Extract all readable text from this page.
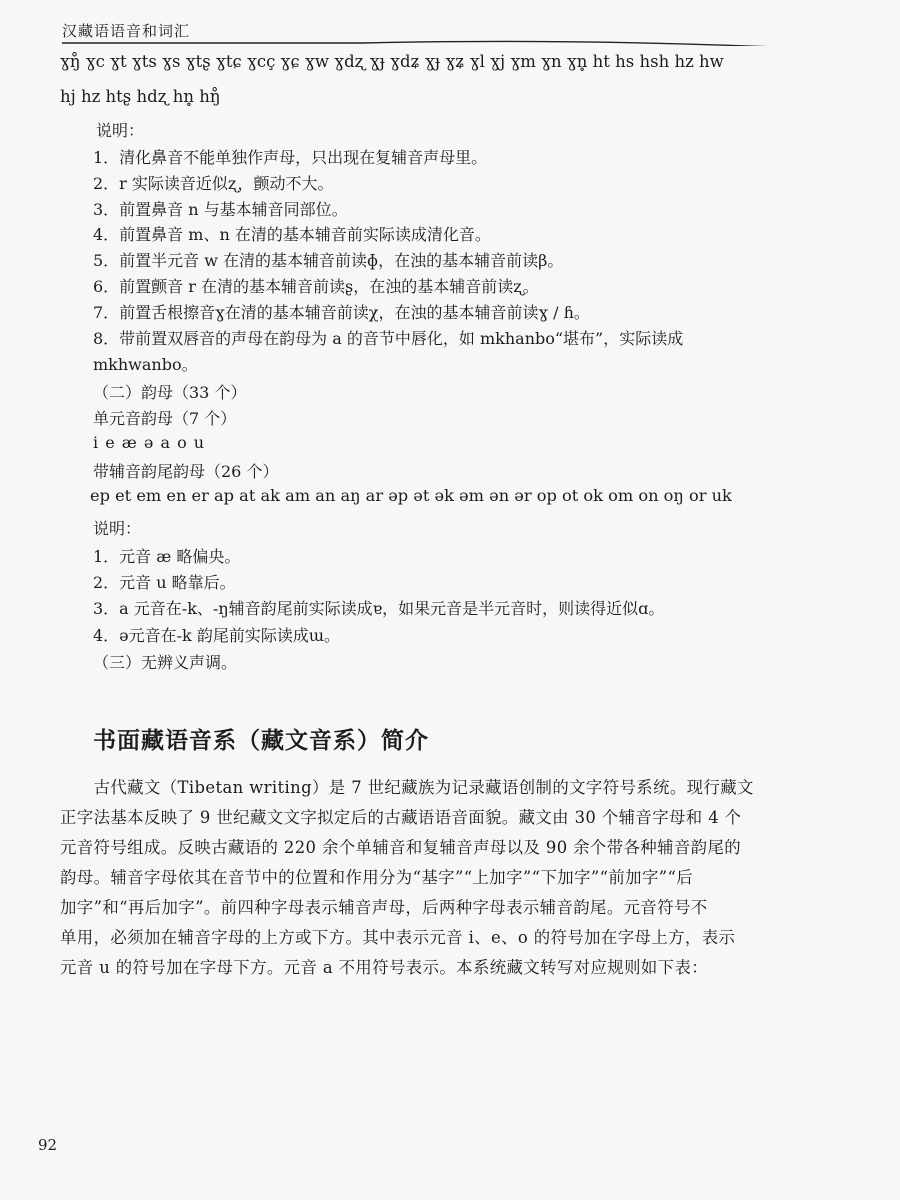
汉藏语语音和词汇
ɣŋ̊ ɣc ɣt ɣts ɣs ɣtʂ ɣtɕ ɣcç ɣɕ ɣw ɣdʐ ɣɟ ɣdʑ ɣɟ ɣʑ ɣl ɣj ɣm ɣn ɣn̥ ht hs hsh hz hw
hj hz htʂ hdʐ hn̥ hŋ̊
说明：
1．清化鼻音不能单独作声母，只出现在复辅音声母里。
2．r 实际读音近似ʐ，颤动不大。
3．前置鼻音 n 与基本辅音同部位。
4．前置鼻音 m、n 在清的基本辅音前实际读成清化音。
5．前置半元音 w 在清的基本辅音前读ɸ，在浊的基本辅音前读β。
6．前置颤音 r 在清的基本辅音前读ʂ，在浊的基本辅音前读ʐ。
7．前置舌根擦音ɣ在清的基本辅音前读χ，在浊的基本辅音前读ɣ / ɦ。
8．带前置双唇音的声母在韵母为 a 的音节中唇化，如 mkhanbo“堪布”，实际读成
mkhwanbo。
（二）韵母（33 个）
单元音韵母（7 个）
i e æ ə a o u
带辅音韵尾韵母（26 个）
ep et em en er ap at ak am an aŋ ar əp ət ək əm ən ər op ot ok om on oŋ or uk
说明：
1．元音 æ 略偏央。
2．元音 u 略靠后。
3．a 元音在-k、-ŋ辅音韵尾前实际读成ɐ，如果元音是半元音时，则读得近似ɑ。
4．ə元音在-k 韵尾前实际读成ɯ。
（三）无辨义声调。
书面藏语音系（藏文音系）简介
　　古代藏文（Tibetan writing）是 7 世纪藏族为记录藏语创制的文字符号系统。现行藏文
正字法基本反映了 9 世纪藏文文字拟定后的古藏语语音面貌。藏文由 30 个辅音字母和 4 个
元音符号组成。反映古藏语的 220 余个单辅音和复辅音声母以及 90 余个带各种辅音韵尾的
韵母。辅音字母依其在音节中的位置和作用分为“基字”“上加字”“下加字”“前加字”“后
加字”和“再后加字”。前四种字母表示辅音声母，后两种字母表示辅音韵尾。元音符号不
单用，必须加在辅音字母的上方或下方。其中表示元音 i、e、o 的符号加在字母上方，表示
元音 u 的符号加在字母下方。元音 a 不用符号表示。本系统藏文转写对应规则如下表：
92
